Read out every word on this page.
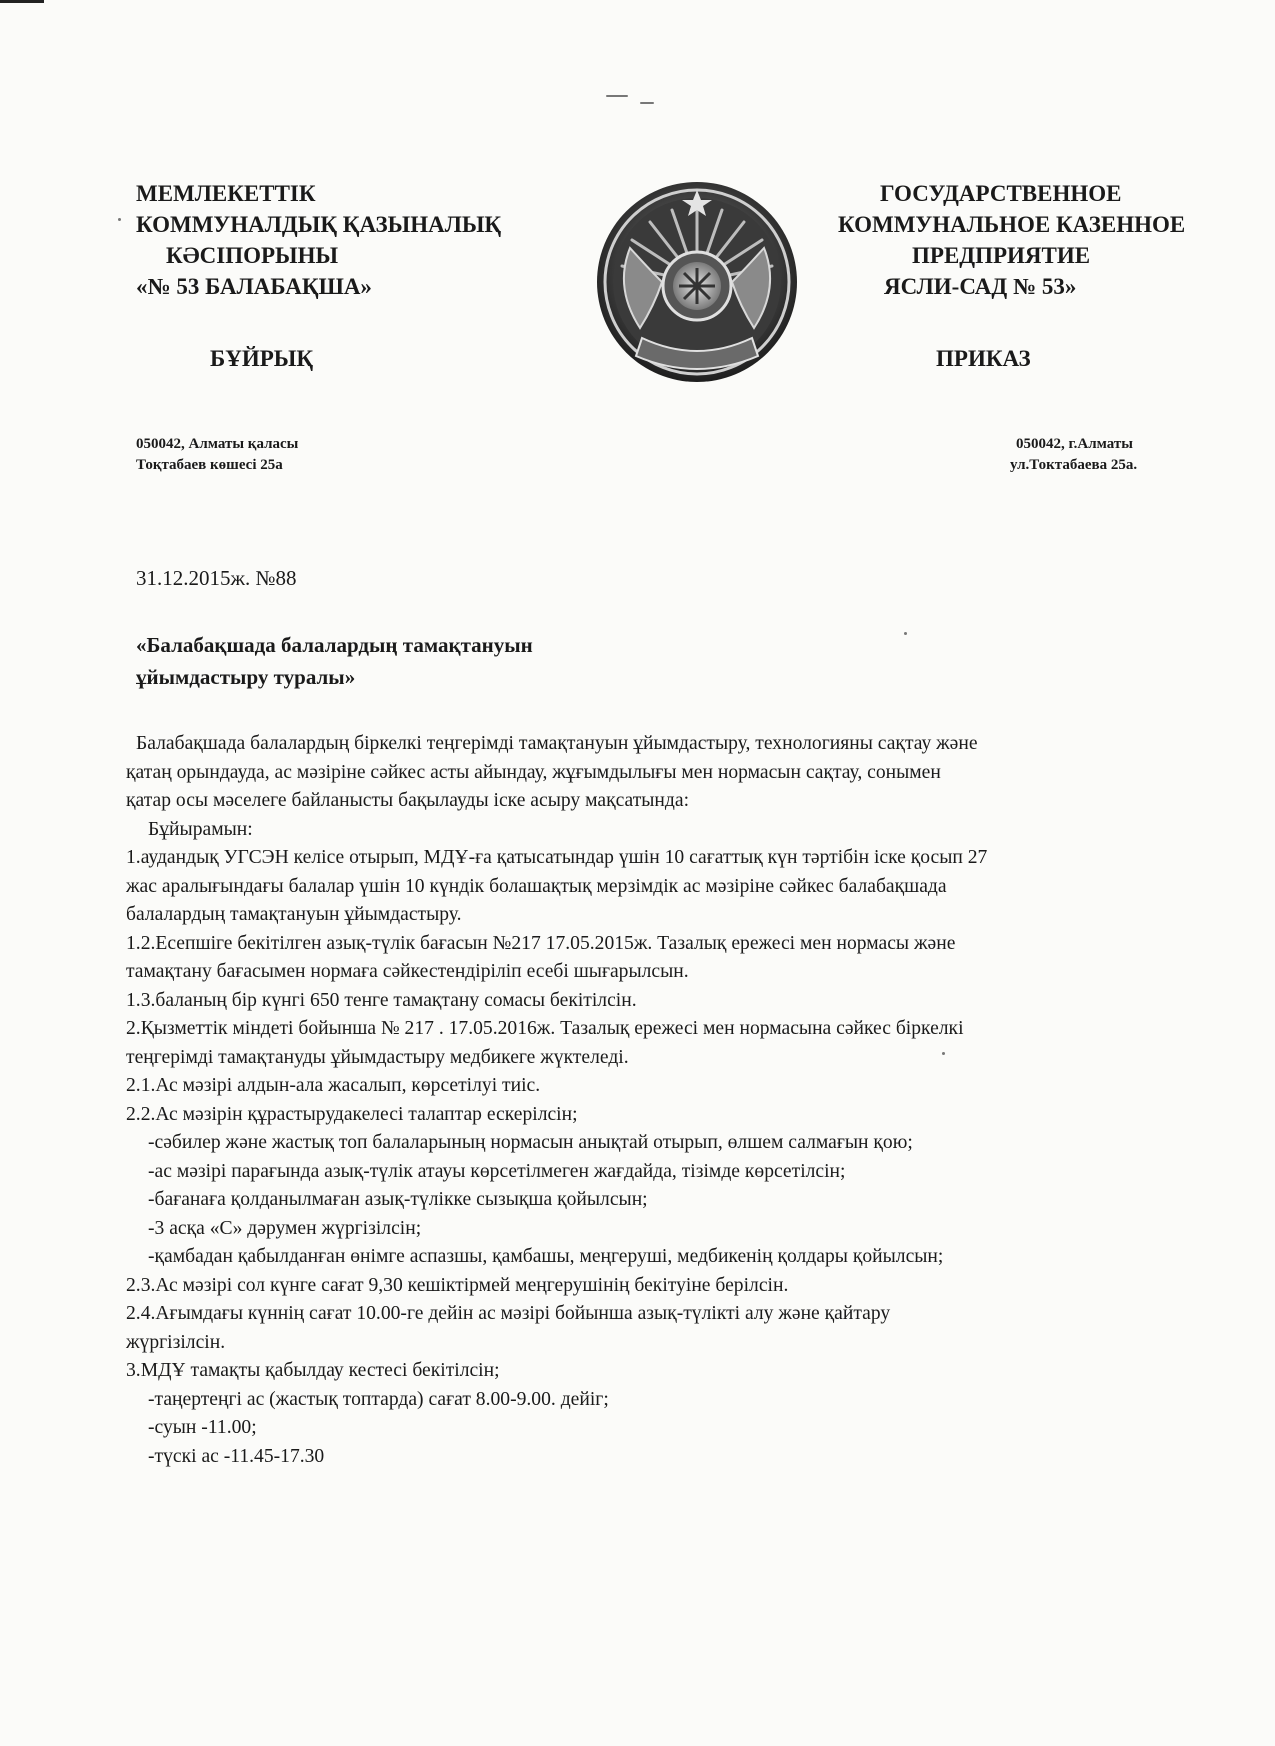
МЕМЛЕКЕТТІК
КОММУНАЛДЫҚ ҚАЗЫНАЛЫҚ
КӘСІПОРЫНЫ
«№ 53 БАЛАБАҚША»
ГОСУДАРСТВЕННОЕ
КОММУНАЛЬНОЕ КАЗЕННОЕ
ПРЕДПРИЯТИЕ
ЯСЛИ-САД № 53»
БҰЙРЫҚ	ПРИКАЗ
050042, Алматы қаласы
Тоқтабаев көшесі 25а
050042, г.Алматы
ул.Токтабаева 25а.
31.12.2015ж. №88
«Балабақшада балалардың тамақтануын
ұйымдастыру туралы»

Балабақшада балалардың біркелкі теңгерімді тамақтануын ұйымдастыру, технологияны сақтау және

қатаң орындауда, ас мәзіріне сәйкес асты айындау, жұғымдылығы мен нормасын сақтау, сонымен

қатар осы мәселеге байланысты бақылауды іске асыру мақсатында:

Бұйырамын:

1.аудандық УГСЭН келісе отырып, МДҰ-ға қатысатындар үшін 10 сағаттық күн тәртібін іске қосып 27

жас аралығындағы балалар үшін 10 күндік болашақтық мерзімдік ас мәзіріне сәйкес балабақшада

балалардың тамақтануын ұйымдастыру.

1.2.Есепшіге бекітілген азық-түлік бағасын №217 17.05.2015ж. Тазалық ережесі мен нормасы және

тамақтану бағасымен нормаға сәйкестендіріліп есебі шығарылсын.

1.3.баланың бір күнгі 650 тенге тамақтану сомасы бекітілсін.

2.Қызметтік міндеті бойынша № 217 . 17.05.2016ж. Тазалық ережесі мен нормасына сәйкес біркелкі

теңгерімді тамақтануды ұйымдастыру медбикеге жүктеледі.

2.1.Ас мәзірі алдын-ала жасалып, көрсетілуі тиіс.

2.2.Ас мәзірін құрастырудакелесі талаптар ескерілсін;

-сәбилер және жастық топ балаларының нормасын анықтай отырып, өлшем салмағын қою;

-ас мәзірі парағында азық-түлік атауы көрсетілмеген жағдайда, тізімде көрсетілсін;

-бағанаға қолданылмаған азық-түлікке сызықша қойылсын;

-3 асқа «С» дәрумен жүргізілсін;

-қамбадан қабылданған өнімге аспазшы, қамбашы, меңгеруші, медбикенің қолдары қойылсын;

2.3.Ас мәзірі сол күнге сағат 9,30 кешіктірмей меңгерушінің бекітуіне берілсін.

2.4.Ағымдағы күннің сағат 10.00-ге дейін ас мәзірі бойынша азық-түлікті алу және қайтару

жүргізілсін.

3.МДҰ тамақты қабылдау кестесі бекітілсін;

-таңертеңгі ас (жастық топтарда) сағат 8.00-9.00. дейіг;

-суын -11.00;

-түскі ас -11.45-17.30
